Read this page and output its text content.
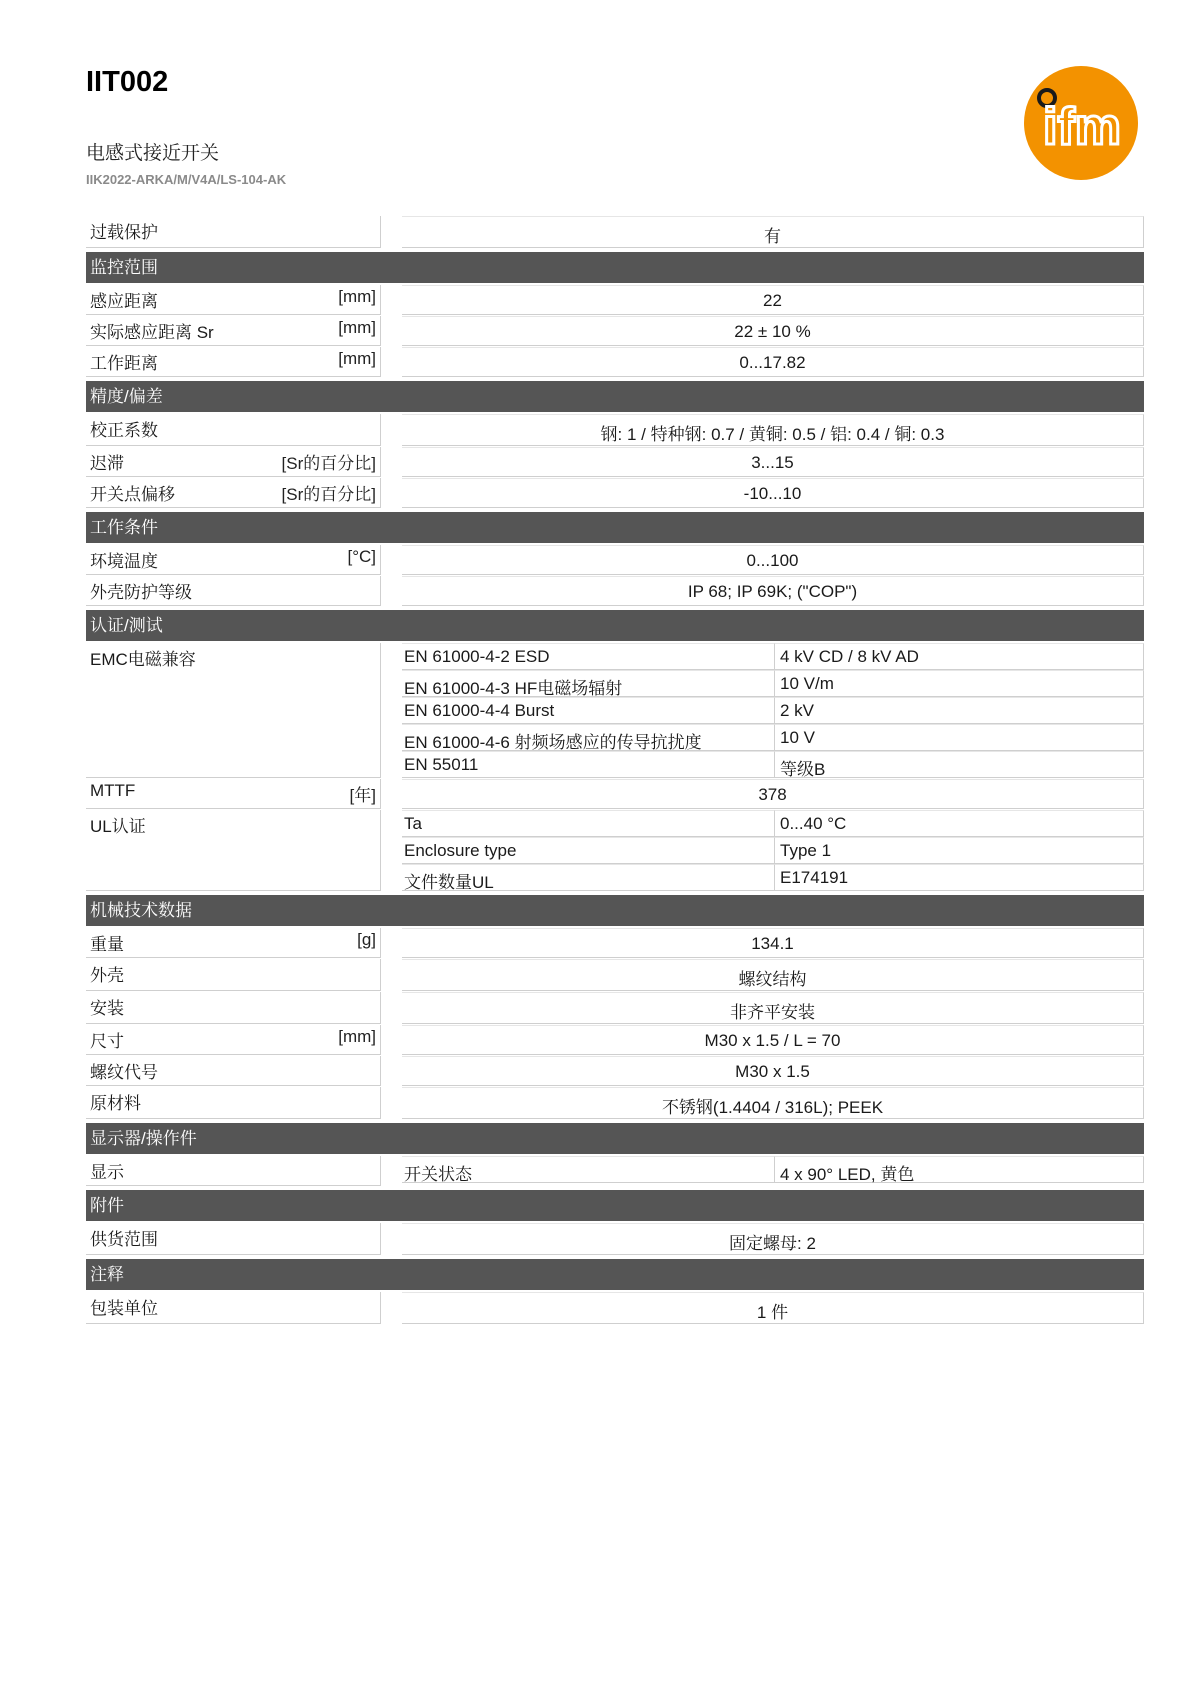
IIT002
电感式接近开关
IIK2022-ARKA/M/V4A/LS-104-AK
ifm
过载保护	有
监控范围
感应距离	[mm]	22
实际感应距离 Sr	[mm]	22 ± 10 %
工作距离	[mm]	0...17.82
精度/偏差
校正系数	钢: 1 / 特种钢: 0.7 / 黄铜: 0.5 / 铝: 0.4 / 铜: 0.3
迟滞	[Sr的百分比]	3...15
开关点偏移	[Sr的百分比]	-10...10
工作条件
环境温度	[°C]	0...100
外壳防护等级	IP 68; IP 69K; ("COP")
认证/测试
EMC电磁兼容	EN 61000-4-2 ESD	4 kV CD / 8 kV AD
EN 61000-4-3 HF电磁场辐射	10 V/m
EN 61000-4-4 Burst	2 kV
EN 61000-4-6 射频场感应的传导抗扰度	10 V
EN 55011	等级B
MTTF	[年]	378
UL认证	Ta	0...40 °C
Enclosure type	Type 1
文件数量UL	E174191
机械技术数据
重量	[g]	134.1
外壳	螺纹结构
安装	非齐平安装
尺寸	[mm]	M30 x 1.5 / L = 70
螺纹代号	M30 x 1.5
原材料	不锈钢(1.4404 / 316L); PEEK
显示器/操作件
显示	开关状态	4 x 90° LED, 黄色
附件
供货范围	固定螺母: 2
注释
包装单位	1 件
